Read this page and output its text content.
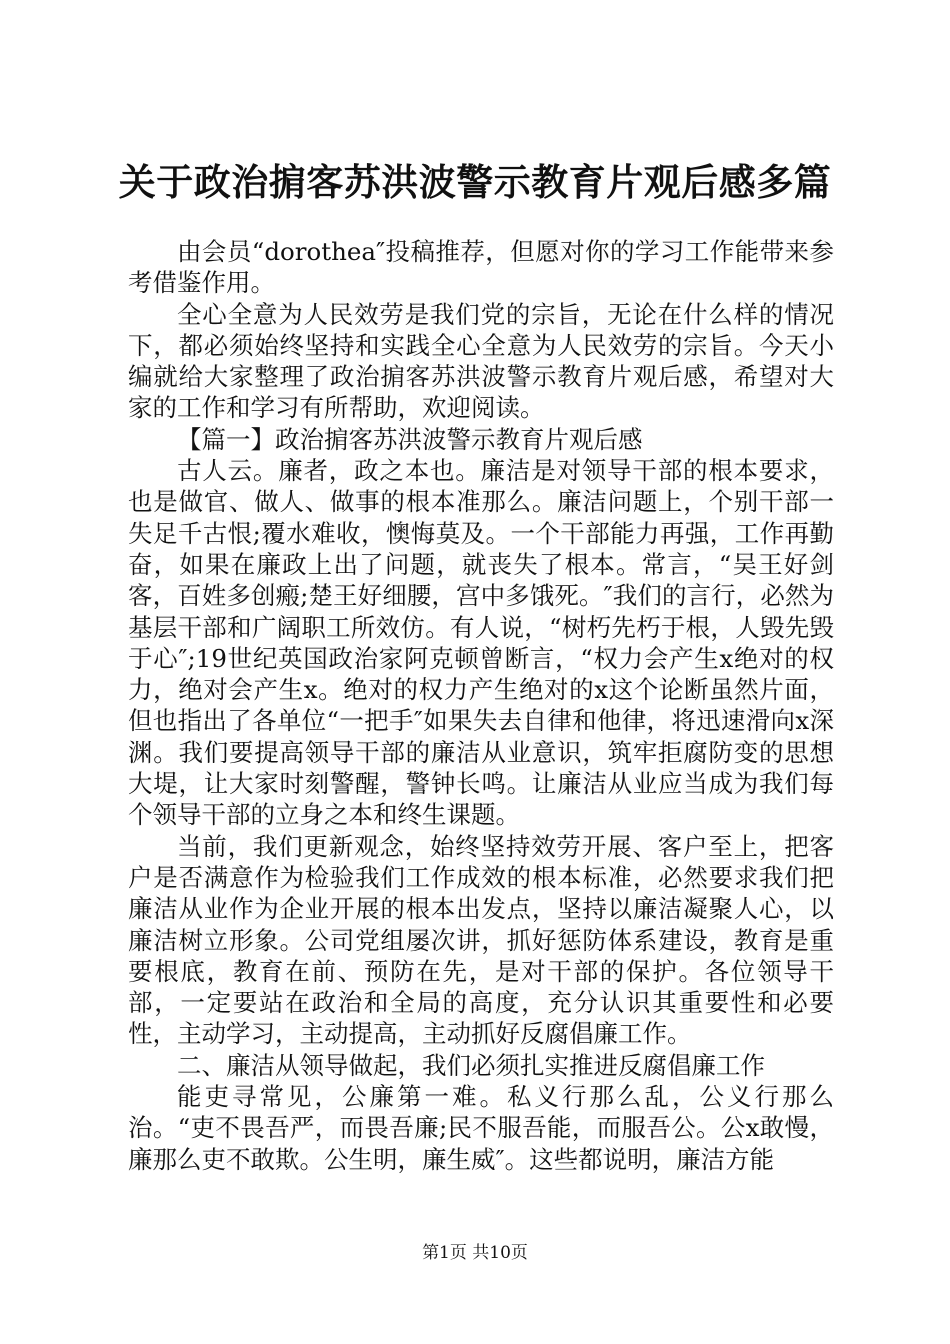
关于政治掮客苏洪波警示教育片观后感多篇

由会员“dorothea″投稿推荐，但愿对你的学习工作能带来参考借鉴作用。

全心全意为人民效劳是我们党的宗旨，无论在什么样的情况下，都必须始终坚持和实践全心全意为人民效劳的宗旨。今天小编就给大家整理了政治掮客苏洪波警示教育片观后感，希望对大家的工作和学习有所帮助，欢迎阅读。

【篇一】政治掮客苏洪波警示教育片观后感

古人云。廉者，政之本也。廉洁是对领导干部的根本要求，也是做官、做人、做事的根本准那么。廉洁问题上，个别干部一失足千古恨;覆水难收，懊悔莫及。一个干部能力再强，工作再勤奋，如果在廉政上出了问题，就丧失了根本。常言，“吴王好剑客，百姓多创瘢;楚王好细腰，宫中多饿死。″我们的言行，必然为基层干部和广阔职工所效仿。有人说，“树朽先朽于根，人毁先毁于心″;19世纪英国政治家阿克顿曾断言，“权力会产生x绝对的权力，绝对会产生x。绝对的权力产生绝对的x这个论断虽然片面，但也指出了各单位“一把手″如果失去自律和他律，将迅速滑向x深渊。我们要提高领导干部的廉洁从业意识，筑牢拒腐防变的思想大堤，让大家时刻警醒，警钟长鸣。让廉洁从业应当成为我们每个领导干部的立身之本和终生课题。

当前，我们更新观念，始终坚持效劳开展、客户至上，把客户是否满意作为检验我们工作成效的根本标准，必然要求我们把廉洁从业作为企业开展的根本出发点，坚持以廉洁凝聚人心，以廉洁树立形象。公司党组屡次讲，抓好惩防体系建设，教育是重要根底，教育在前、预防在先，是对干部的保护。各位领导干部，一定要站在政治和全局的高度，充分认识其重要性和必要性，主动学习，主动提高，主动抓好反腐倡廉工作。

二、廉洁从领导做起，我们必须扎实推进反腐倡廉工作

能吏寻常见，公廉第一难。私义行那么乱，公义行那么治。“吏不畏吾严，而畏吾廉;民不服吾能，而服吾公。公x敢慢，廉那么吏不敢欺。公生明，廉生威″。这些都说明，廉洁方能

第1页 共10页
